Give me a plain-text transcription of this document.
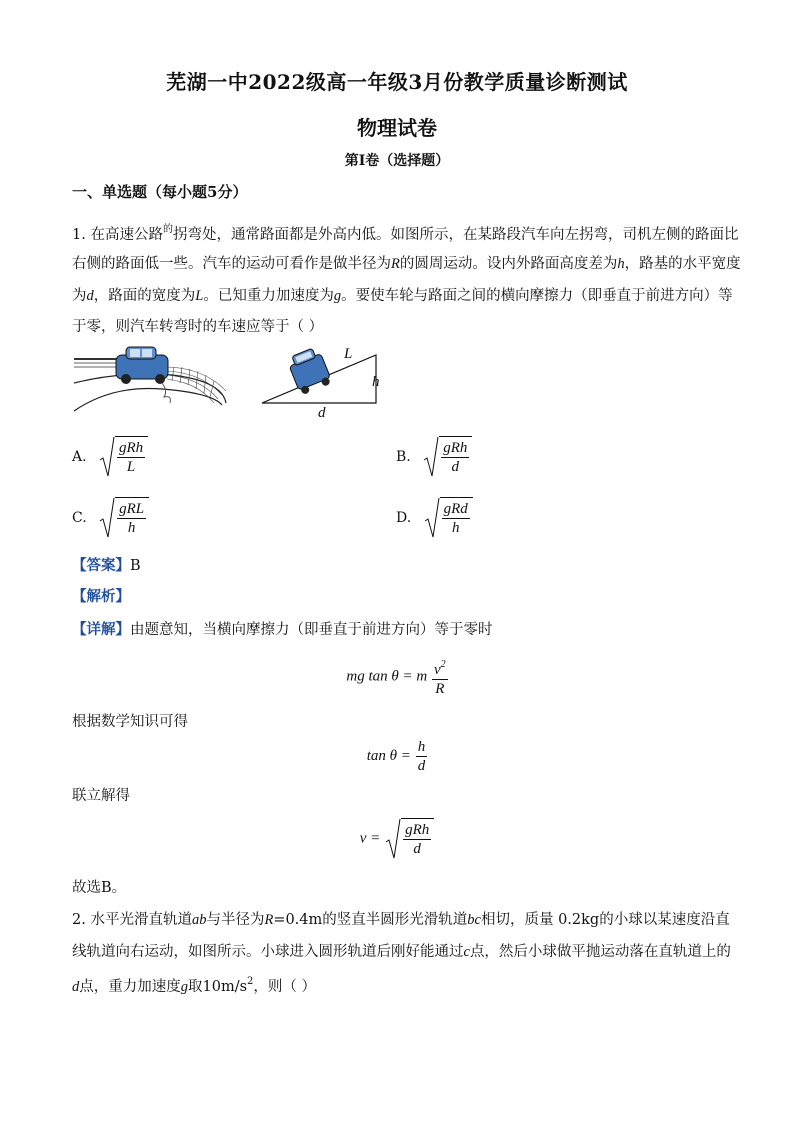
芜湖一中2022级高一年级3月份教学质量诊断测试
物理试卷
第Ⅰ卷（选择题）
一、单选题（每小题5分）
1. 在高速公路$^的$拐弯处，通常路面都是外高内低。如图所示，在某路段汽车向左拐弯，司机左侧的路面比
右侧的路面低一些。汽车的运动可看作是做半径为R的圆周运动。设内外路面高度差为h，路基的水平宽度
为d，路面的宽度为L。已知重力加速度为g。要使车轮与路面之间的横向摩擦力（即垂直于前进方向）等
于零，则汽车转弯时的车速应等于（ ）
L
h
d
A. $\frac{\text{gRh}}{L}$	B. $\frac{\text{gRh}}{d}$
C. $\frac{\text{gRL}}{h}$	D. $\frac{\text{gRd}}{h}$
【答案】B
【解析】
【详解】由题意知，当横向摩擦力（即垂直于前进方向）等于零时
mg tan θ = m $\frac{v^2}{R}$
根据数学知识可得
$\tan \theta = \frac{h}{d}$
联立解得
$v = \frac{\text{gRh}}{d}$
故选B。
2. 水平光滑直轨道ab与半径为R=0.4m的竖直半圆形光滑轨道bc相切，质量 0.2kg的小球以某速度沿直
线轨道向右运动，如图所示。小球进入圆形轨道后刚好能通过c点，然后小球做平抛运动落在直轨道上的
d点，重力加速度g取$10m/s^2$，则（ ）
